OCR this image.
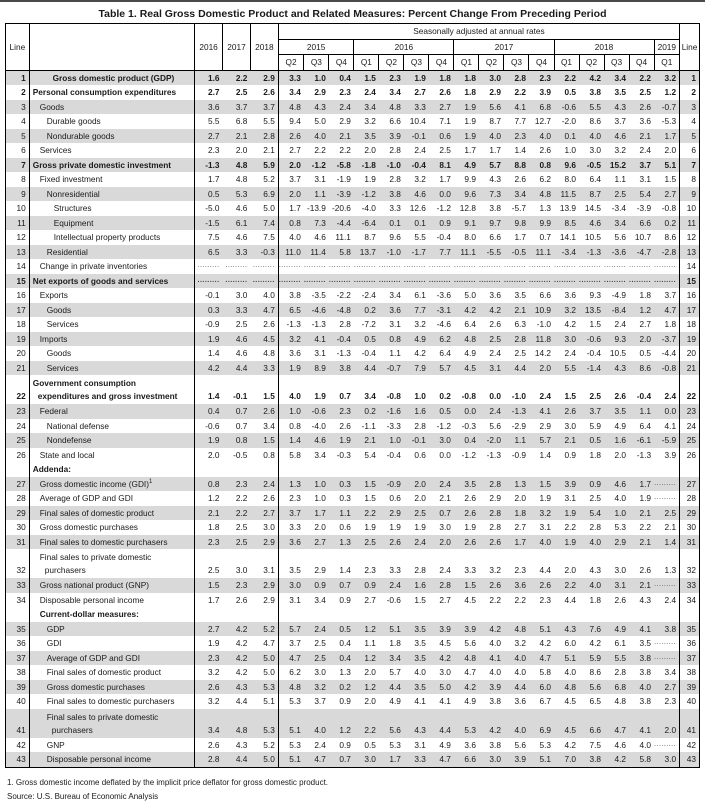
Table 1. Real Gross Domestic Product and Related Measures: Percent Change From Preceding Period
Line		2016	2017	2018	Seasonally adjusted at annual rates																Line
					2015			2016				2017				2018				2019	
					Q2	Q3	Q4	Q1	Q2	Q3	Q4	Q1	Q2	Q3	Q4	Q1	Q2	Q3	Q4	Q1	
1	Gross domestic product (GDP)	1.6	2.2	2.9	3.3	1.0	0.4	1.5	2.3	1.9	1.8	1.8	3.0	2.8	2.3	2.2	4.2	3.4	2.2	3.2	1
2	Personal consumption expenditures	2.7	2.5	2.6	3.4	2.9	2.3	2.4	3.4	2.7	2.6	1.8	2.9	2.2	3.9	0.5	3.8	3.5	2.5	1.2	2
3	Goods	3.6	3.7	3.7	4.8	4.3	2.4	3.4	4.8	3.3	2.7	1.9	5.6	4.1	6.8	-0.6	5.5	4.3	2.6	-0.7	3
4	Durable goods	5.5	6.8	5.5	9.4	5.0	2.9	3.2	6.6	10.4	7.1	1.9	8.7	7.7	12.7	-2.0	8.6	3.7	3.6	-5.3	4
5	Nondurable goods	2.7	2.1	2.8	2.6	4.0	2.1	3.5	3.9	-0.1	0.6	1.9	4.0	2.3	4.0	0.1	4.0	4.6	2.1	1.7	5
6	Services	2.3	2.0	2.1	2.7	2.2	2.2	2.0	2.8	2.4	2.5	1.7	1.7	1.4	2.6	1.0	3.0	3.2	2.4	2.0	6
7	Gross private domestic investment	-1.3	4.8	5.9	2.0	-1.2	-5.8	-1.8	-1.0	-0.4	8.1	4.9	5.7	8.8	0.8	9.6	-0.5	15.2	3.7	5.1	7
8	Fixed investment	1.7	4.8	5.2	3.7	3.1	-1.9	1.9	2.8	3.2	1.7	9.9	4.3	2.6	6.2	8.0	6.4	1.1	3.1	1.5	8
9	Nonresidential	0.5	5.3	6.9	2.0	1.1	-3.9	-1.2	3.8	4.6	0.0	9.6	7.3	3.4	4.8	11.5	8.7	2.5	5.4	2.7	9
10	Structures	-5.0	4.6	5.0	1.7	-13.9	-20.6	-4.0	3.3	12.6	-1.2	12.8	3.8	-5.7	1.3	13.9	14.5	-3.4	-3.9	-0.8	10
11	Equipment	-1.5	6.1	7.4	0.8	7.3	-4.4	-6.4	0.1	0.1	0.9	9.1	9.7	9.8	9.9	8.5	4.6	3.4	6.6	0.2	11
12	Intellectual property products	7.5	4.6	7.5	4.0	4.6	11.1	8.7	9.6	5.5	-0.4	8.0	6.6	1.7	0.7	14.1	10.5	5.6	10.7	8.6	12
13	Residential	6.5	3.3	-0.3	11.0	11.4	5.8	13.7	-1.0	-1.7	7.7	11.1	-5.5	-0.5	11.1	-3.4	-1.3	-3.6	-4.7	-2.8	13
14	Change in private inventories	.........	.........	.........	.........	.........	.........	.........	.........	.........	.........	.........	.........	.........	.........	.........	.........	.........	.........	.........	14
15	Net exports of goods and services	.........	.........	.........	.........	.........	.........	.........	.........	.........	.........	.........	.........	.........	.........	.........	.........	.........	.........	.........	15
16	Exports	-0.1	3.0	4.0	3.8	-3.5	-2.2	-2.4	3.4	6.1	-3.6	5.0	3.6	3.5	6.6	3.6	9.3	-4.9	1.8	3.7	16
17	Goods	0.3	3.3	4.7	6.5	-4.6	-4.8	0.2	3.6	7.7	-3.1	4.2	4.2	2.1	10.9	3.2	13.5	-8.4	1.2	4.7	17
18	Services	-0.9	2.5	2.6	-1.3	-1.3	2.8	-7.2	3.1	3.2	-4.6	6.4	2.6	6.3	-1.0	4.2	1.5	2.4	2.7	1.8	18
19	Imports	1.9	4.6	4.5	3.2	4.1	-0.4	0.5	0.8	4.9	6.2	4.8	2.5	2.8	11.8	3.0	-0.6	9.3	2.0	-3.7	19
20	Goods	1.4	4.6	4.8	3.6	3.1	-1.3	-0.4	1.1	4.2	6.4	4.9	2.4	2.5	14.2	2.4	-0.4	10.5	0.5	-4.4	20
21	Services	4.2	4.4	3.3	1.9	8.9	3.8	4.4	-0.7	7.9	5.7	4.5	3.1	4.4	2.0	5.5	-1.4	4.3	8.6	-0.8	21
22	Government consumption
expenditures and gross investment	1.4	-0.1	1.5	4.0	1.9	0.7	3.4	-0.8	1.0	0.2	-0.8	0.0	-1.0	2.4	1.5	2.5	2.6	-0.4	2.4	22
23	Federal	0.4	0.7	2.6	1.0	-0.6	2.3	0.2	-1.6	1.6	0.5	0.0	2.4	-1.3	4.1	2.6	3.7	3.5	1.1	0.0	23
24	National defense	-0.6	0.7	3.4	0.8	-4.0	2.6	-1.1	-3.3	2.8	-1.2	-0.3	5.6	-2.9	2.9	3.0	5.9	4.9	6.4	4.1	24
25	Nondefense	1.9	0.8	1.5	1.4	4.6	1.9	2.1	1.0	-0.1	3.0	0.4	-2.0	1.1	5.7	2.1	0.5	1.6	-6.1	-5.9	25
26	State and local	2.0	-0.5	0.8	5.8	3.4	-0.3	5.4	-0.4	0.6	0.0	-1.2	-1.3	-0.9	1.4	0.9	1.8	2.0	-1.3	3.9	26
	Addenda:																				
27	Gross domestic income (GDI)$^1$	0.8	2.3	2.4	1.3	1.0	0.3	1.5	-0.9	2.0	2.4	3.5	2.8	1.3	1.5	3.9	0.9	4.6	1.7	.........	27
28	Average of GDP and GDI	1.2	2.2	2.6	2.3	1.0	0.3	1.5	0.6	2.0	2.1	2.6	2.9	2.0	1.9	3.1	2.5	4.0	1.9	.........	28
29	Final sales of domestic product	2.1	2.2	2.7	3.7	1.7	1.1	2.2	2.9	2.5	0.7	2.6	2.8	1.8	3.2	1.9	5.4	1.0	2.1	2.5	29
30	Gross domestic purchases	1.8	2.5	3.0	3.3	2.0	0.6	1.9	1.9	1.9	3.0	1.9	2.8	2.7	3.1	2.2	2.8	5.3	2.2	2.1	30
31	Final sales to domestic purchasers	2.3	2.5	2.9	3.6	2.7	1.3	2.5	2.6	2.4	2.0	2.6	2.6	1.7	4.0	1.9	4.0	2.9	2.1	1.4	31
32	Final sales to private domestic
purchasers	2.5	3.0	3.1	3.5	2.9	1.4	2.3	3.3	2.8	2.4	3.3	3.2	2.3	4.4	2.0	4.3	3.0	2.6	1.3	32
33	Gross national product (GNP)	1.5	2.3	2.9	3.0	0.9	0.7	0.9	2.4	1.6	2.8	1.5	2.6	3.6	2.6	2.2	4.0	3.1	2.1	.........	33
34	Disposable personal income	1.7	2.6	2.9	3.1	3.4	0.9	2.7	-0.6	1.5	2.7	4.5	2.2	2.2	2.3	4.4	1.8	2.6	4.3	2.4	34
	Current-dollar measures:																				
35	GDP	2.7	4.2	5.2	5.7	2.4	0.5	1.2	5.1	3.5	3.9	3.9	4.2	4.8	5.1	4.3	7.6	4.9	4.1	3.8	35
36	GDI	1.9	4.2	4.7	3.7	2.5	0.4	1.1	1.8	3.5	4.5	5.6	4.0	3.2	4.2	6.0	4.2	6.1	3.5	.........	36
37	Average of GDP and GDI	2.3	4.2	5.0	4.7	2.5	0.4	1.2	3.4	3.5	4.2	4.8	4.1	4.0	4.7	5.1	5.9	5.5	3.8	.........	37
38	Final sales of domestic product	3.2	4.2	5.0	6.2	3.0	1.3	2.0	5.7	4.0	3.0	4.7	4.0	4.0	5.8	4.0	8.6	2.8	3.8	3.4	38
39	Gross domestic purchases	2.6	4.3	5.3	4.8	3.2	0.2	1.2	4.4	3.5	5.0	4.2	3.9	4.4	6.0	4.8	5.6	6.8	4.0	2.7	39
40	Final sales to domestic purchasers	3.2	4.4	5.1	5.3	3.7	0.9	2.0	4.9	4.1	4.1	4.9	3.8	3.6	6.7	4.5	6.5	4.8	3.8	2.3	40
41	Final sales to private domestic
purchasers	3.4	4.8	5.3	5.1	4.0	1.2	2.2	5.6	4.3	4.4	5.3	4.2	4.0	6.9	4.5	6.6	4.7	4.1	2.0	41
42	GNP	2.6	4.3	5.2	5.3	2.4	0.9	0.5	5.3	3.1	4.9	3.6	3.8	5.6	5.3	4.2	7.5	4.6	4.0	.........	42
43	Disposable personal income	2.8	4.4	5.0	5.1	4.7	0.7	3.0	1.7	3.3	4.7	6.6	3.0	3.9	5.1	7.0	3.8	4.2	5.8	3.0	43
1. Gross domestic income deflated by the implicit price deflator for gross domestic product.
Source: U.S. Bureau of Economic Analysis
